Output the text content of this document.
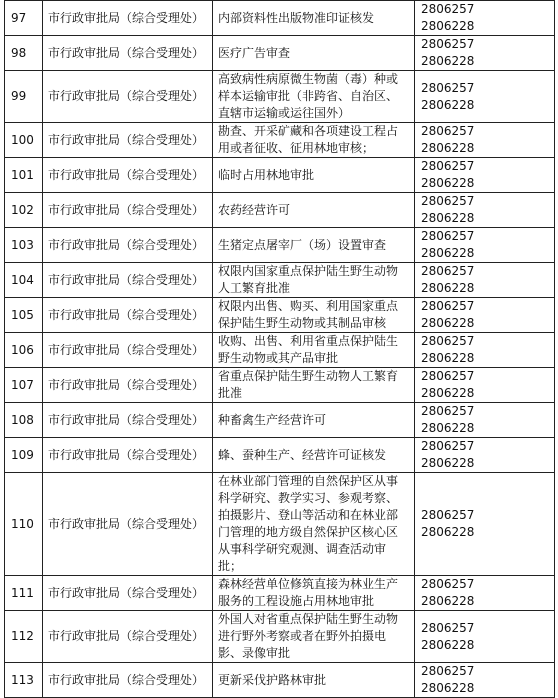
97	市行政审批局（综合受理处）	内部资料性出版物准印证核发	2806257
2806228

98	市行政审批局（综合受理处）	医疗广告审查	2806257
2806228

99	市行政审批局（综合受理处）	高致病性病原微生物菌（毒）种或样本运输审批（非跨省、自治区、直辖市运输或运往国外）	2806257
2806228

100	市行政审批局（综合受理处）	勘查、开采矿藏和各项建设工程占用或者征收、征用林地审核；	2806257
2806228

101	市行政审批局（综合受理处）	临时占用林地审批	2806257
2806228

102	市行政审批局（综合受理处）	农药经营许可	2806257
2806228

103	市行政审批局（综合受理处）	生猪定点屠宰厂（场）设置审查	2806257
2806228

104	市行政审批局（综合受理处）	权限内国家重点保护陆生野生动物人工繁育批准	2806257
2806228

105	市行政审批局（综合受理处）	权限内出售、购买、利用国家重点保护陆生野生动物或其制品审核	2806257
2806228

106	市行政审批局（综合受理处）	收购、出售、利用省重点保护陆生野生动物或其产品审批	2806257
2806228

107	市行政审批局（综合受理处）	省重点保护陆生野生动物人工繁育批准	2806257
2806228

108	市行政审批局（综合受理处）	种畜禽生产经营许可	2806257
2806228

109	市行政审批局（综合受理处）	蜂、蚕种生产、经营许可证核发	2806257
2806228

110	市行政审批局（综合受理处）	在林业部门管理的自然保护区从事科学研究、教学实习、参观考察、拍摄影片、登山等活动和在林业部门管理的地方级自然保护区核心区从事科学研究观测、调查活动审批；	2806257
2806228

111	市行政审批局（综合受理处）	森林经营单位修筑直接为林业生产服务的工程设施占用林地审批	2806257
2806228

112	市行政审批局（综合受理处）	外国人对省重点保护陆生野生动物进行野外考察或者在野外拍摄电影、录像审批	2806257
2806228

113	市行政审批局（综合受理处）	更新采伐护路林审批	2806257
2806228
